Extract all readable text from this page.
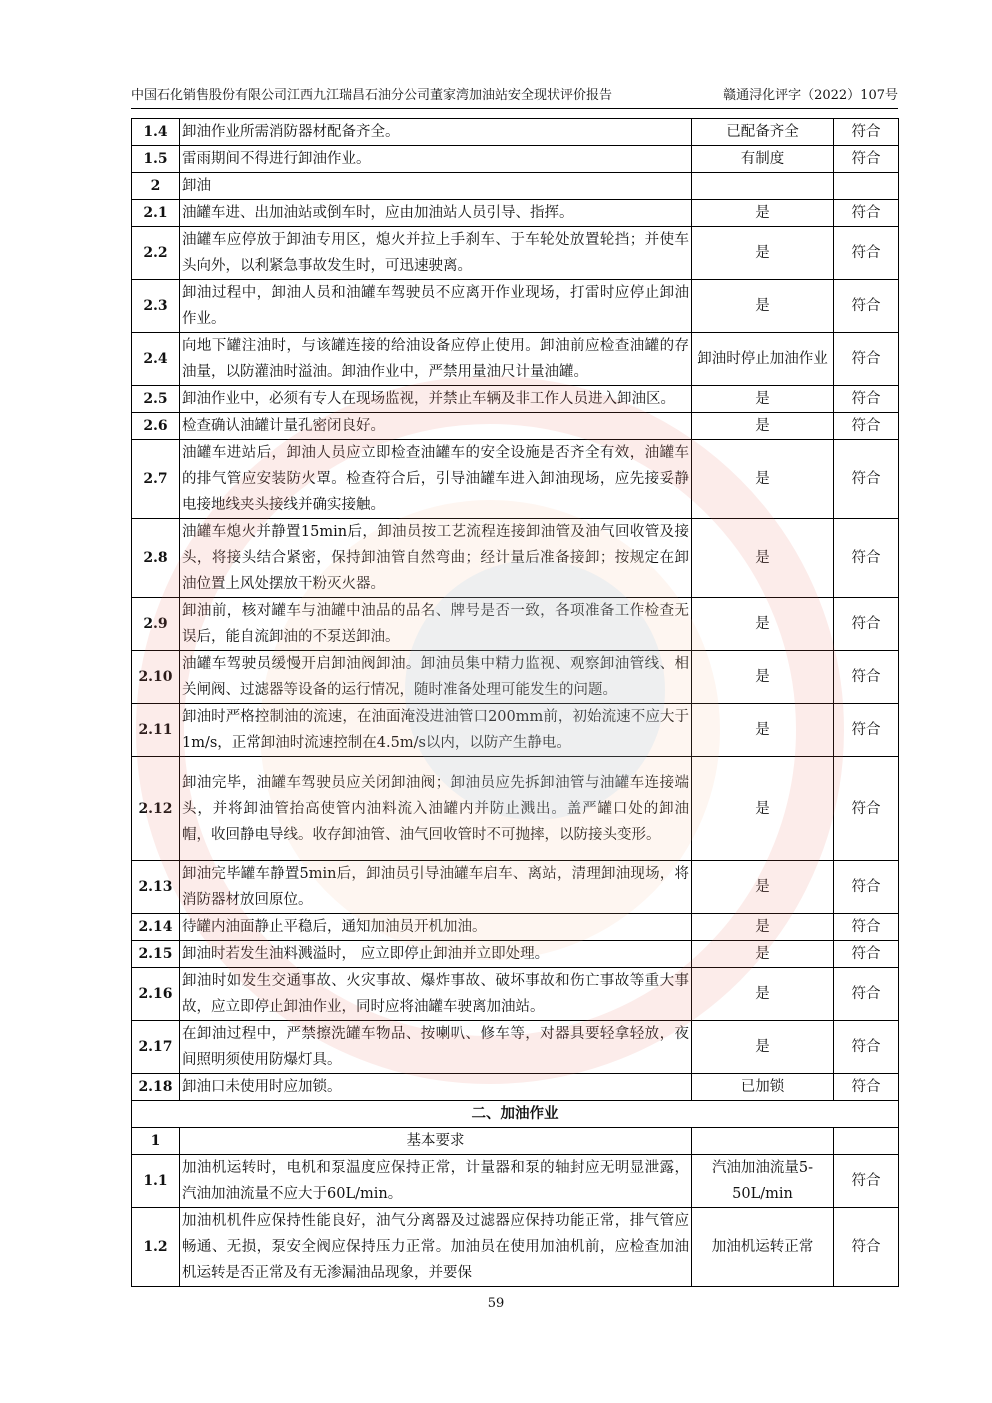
中国石化销售股份有限公司江西九江瑞昌石油分公司董家湾加油站安全现状评价报告	赣通浔化评字（2022）107号
1.4	卸油作业所需消防器材配备齐全。	已配备齐全	符合
1.5	雷雨期间不得进行卸油作业。	有制度	符合
2	卸油		
2.1	油罐车进、出加油站或倒车时，应由加油站人员引导、指挥。	是	符合
2.2	油罐车应停放于卸油专用区，熄火并拉上手刹车、于车轮处放置轮挡；并使车头向外，以利紧急事故发生时，可迅速驶离。	是	符合
2.3	卸油过程中，卸油人员和油罐车驾驶员不应离开作业现场，打雷时应停止卸油作业。	是	符合
2.4	向地下罐注油时，与该罐连接的给油设备应停止使用。卸油前应检查油罐的存油量，以防灌油时溢油。卸油作业中，严禁用量油尺计量油罐。	卸油时停止加油作业	符合
2.5	卸油作业中，必须有专人在现场监视，并禁止车辆及非工作人员进入卸油区。	是	符合
2.6	检查确认油罐计量孔密闭良好。	是	符合
2.7	油罐车进站后，卸油人员应立即检查油罐车的安全设施是否齐全有效，油罐车的排气管应安装防火罩。检查符合后，引导油罐车进入卸油现场，应先接妥静电接地线夹头接线并确实接触。	是	符合
2.8	油罐车熄火并静置15min后，卸油员按工艺流程连接卸油管及油气回收管及接头，将接头结合紧密，保持卸油管自然弯曲；经计量后准备接卸；按规定在卸油位置上风处摆放干粉灭火器。	是	符合
2.9	卸油前，核对罐车与油罐中油品的品名、牌号是否一致，各项准备工作检查无误后，能自流卸油的不泵送卸油。	是	符合
2.10	油罐车驾驶员缓慢开启卸油阀卸油。卸油员集中精力监视、观察卸油管线、相关闸阀、过滤器等设备的运行情况，随时准备处理可能发生的问题。	是	符合
2.11	卸油时严格控制油的流速，在油面淹没进油管口200mm前，初始流速不应大于1m/s，正常卸油时流速控制在4.5m/s以内，以防产生静电。	是	符合
2.12	卸油完毕，油罐车驾驶员应关闭卸油阀；卸油员应先拆卸油管与油罐车连接端头，并将卸油管抬高使管内油料流入油罐内并防止溅出。盖严罐口处的卸油帽，收回静电导线。收存卸油管、油气回收管时不可抛摔，以防接头变形。	是	符合
2.13	卸油完毕罐车静置5min后，卸油员引导油罐车启车、离站，清理卸油现场，将消防器材放回原位。	是	符合
2.14	待罐内油面静止平稳后，通知加油员开机加油。	是	符合
2.15	卸油时若发生油料溅溢时， 应立即停止卸油并立即处理。	是	符合
2.16	卸油时如发生交通事故、火灾事故、爆炸事故、破坏事故和伤亡事故等重大事故，应立即停止卸油作业，同时应将油罐车驶离加油站。	是	符合
2.17	在卸油过程中，严禁擦洗罐车物品、按喇叭、修车等，对器具要轻拿轻放，夜间照明须使用防爆灯具。	是	符合
2.18	卸油口未使用时应加锁。	已加锁	符合
二、加油作业			
1	基本要求		
1.1	加油机运转时，电机和泵温度应保持正常，计量器和泵的轴封应无明显泄露，汽油加油流量不应大于60L/min。	汽油加油流量5-50L/min	符合
1.2	加油机机件应保持性能良好，油气分离器及过滤器应保持功能正常，排气管应畅通、无损，泵安全阀应保持压力正常。加油员在使用加油机前，应检查加油机运转是否正常及有无渗漏油品现象，并要保	加油机运转正常	符合
59
